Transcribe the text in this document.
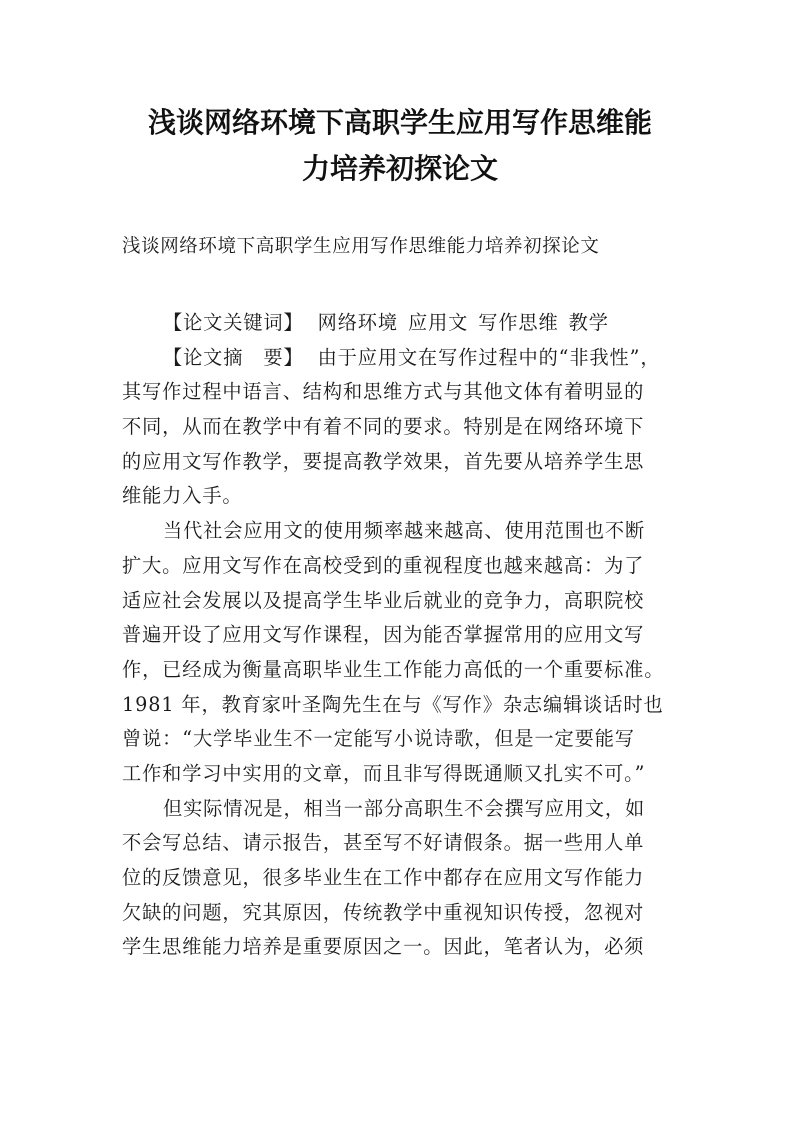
浅谈网络环境下高职学生应用写作思维能
力培养初探论文
浅谈网络环境下高职学生应用写作思维能力培养初探论文
【论文关键词】 网络环境 应用文 写作思维 教学
【论文摘　要】 由于应用文在写作过程中的“非我性”，
其写作过程中语言、结构和思维方式与其他文体有着明显的
不同，从而在教学中有着不同的要求。特别是在网络环境下
的应用文写作教学，要提高教学效果，首先要从培养学生思
维能力入手。
当代社会应用文的使用频率越来越高、使用范围也不断
扩大。应用文写作在高校受到的重视程度也越来越高：为了
适应社会发展以及提高学生毕业后就业的竞争力，高职院校
普遍开设了应用文写作课程，因为能否掌握常用的应用文写
作，已经成为衡量高职毕业生工作能力高低的一个重要标准。
1981 年，教育家叶圣陶先生在与《写作》杂志编辑谈话时也
曾说：“大学毕业生不一定能写小说诗歌，但是一定要能写
工作和学习中实用的文章，而且非写得既通顺又扎实不可。”
但实际情况是，相当一部分高职生不会撰写应用文，如
不会写总结、请示报告，甚至写不好请假条。据一些用人单
位的反馈意见，很多毕业生在工作中都存在应用文写作能力
欠缺的问题，究其原因，传统教学中重视知识传授，忽视对
学生思维能力培养是重要原因之一。因此，笔者认为，必须
